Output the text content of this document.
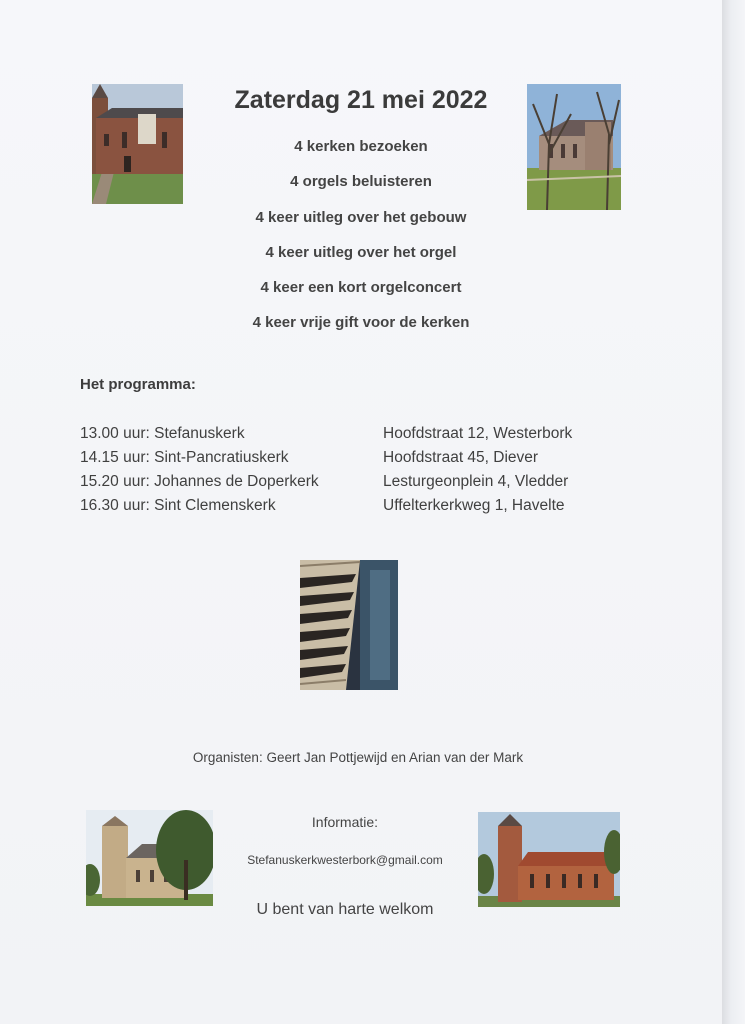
Zaterdag 21 mei 2022
4 kerken bezoeken
4 orgels beluisteren
4 keer uitleg over het gebouw
4 keer uitleg over het orgel
4 keer een kort orgelconcert
4 keer vrije gift voor de kerken
Het programma:
13.00 uur: Stefanuskerk	Hoofdstraat 12, Westerbork
14.15 uur: Sint-Pancratiuskerk	Hoofdstraat 45, Diever
15.20 uur: Johannes de Doperkerk	Lesturgeonplein 4, Vledder
16.30 uur: Sint Clemenskerk	Uffelterkerkweg 1, Havelte
Organisten: Geert Jan Pottjewijd en Arian van der Mark
Informatie:
Stefanuskerkwesterbork@gmail.com
U bent van harte welkom
